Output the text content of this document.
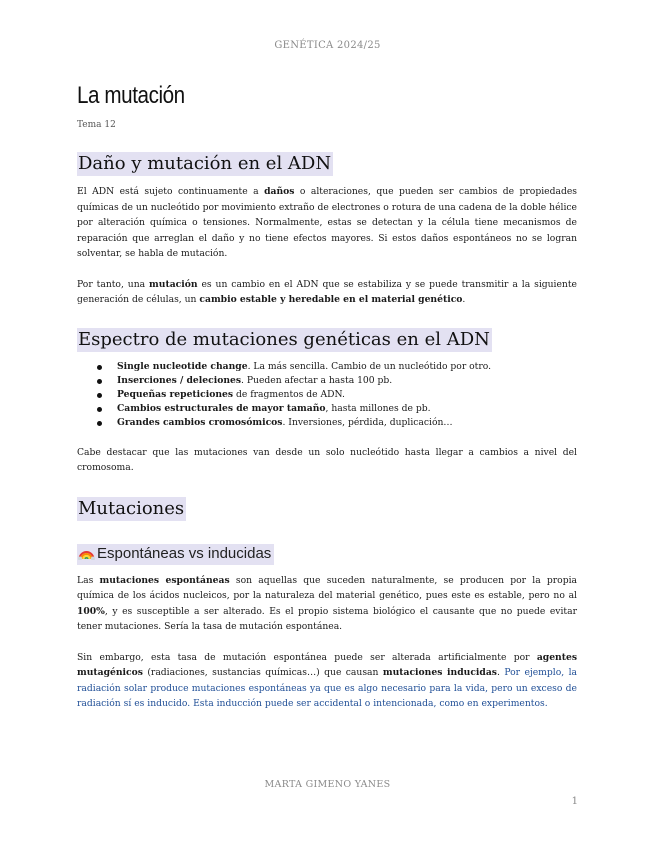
GENÉTICA 2024/25
La mutación
Tema 12
Daño y mutación en el ADN

El ADN está sujeto continuamente a daños o alteraciones, que pueden ser cambios de propiedades químicas de un nucleótido por movimiento extraño de electrones o rotura de una cadena de la doble hélice por alteración química o tensiones. Normalmente, estas se detectan y la célula tiene mecanismos de reparación que arreglan el daño y no tiene efectos mayores. Si estos daños espontáneos no se logran solventar, se habla de mutación.

Por tanto, una mutación es un cambio en el ADN que se estabiliza y se puede transmitir a la siguiente generación de células, un cambio estable y heredable en el material genético.

Espectro de mutaciones genéticas en el ADN
Single nucleotide change. La más sencilla. Cambio de un nucleótido por otro.
Inserciones / deleciones. Pueden afectar a hasta 100 pb.
Pequeñas repeticiones de fragmentos de ADN.
Cambios estructurales de mayor tamaño, hasta millones de pb.
Grandes cambios cromosómicos. Inversiones, pérdida, duplicación…

Cabe destacar que las mutaciones van desde un solo nucleótido hasta llegar a cambios a nivel del cromosoma.

Mutaciones
Espontáneas vs inducidas

Las mutaciones espontáneas son aquellas que suceden naturalmente, se producen por la propia química de los ácidos nucleicos, por la naturaleza del material genético, pues este es estable, pero no al 100%, y es susceptible a ser alterado. Es el propio sistema biológico el causante que no puede evitar tener mutaciones. Sería la tasa de mutación espontánea.

Sin embargo, esta tasa de mutación espontánea puede ser alterada artificialmente por agentes mutagénicos (radiaciones, sustancias químicas…) que causan mutaciones inducidas. Por ejemplo, la radiación solar produce mutaciones espontáneas ya que es algo necesario para la vida, pero un exceso de radiación sí es inducido. Esta inducción puede ser accidental o intencionada, como en experimentos.

MARTA GIMENO YANES
1
